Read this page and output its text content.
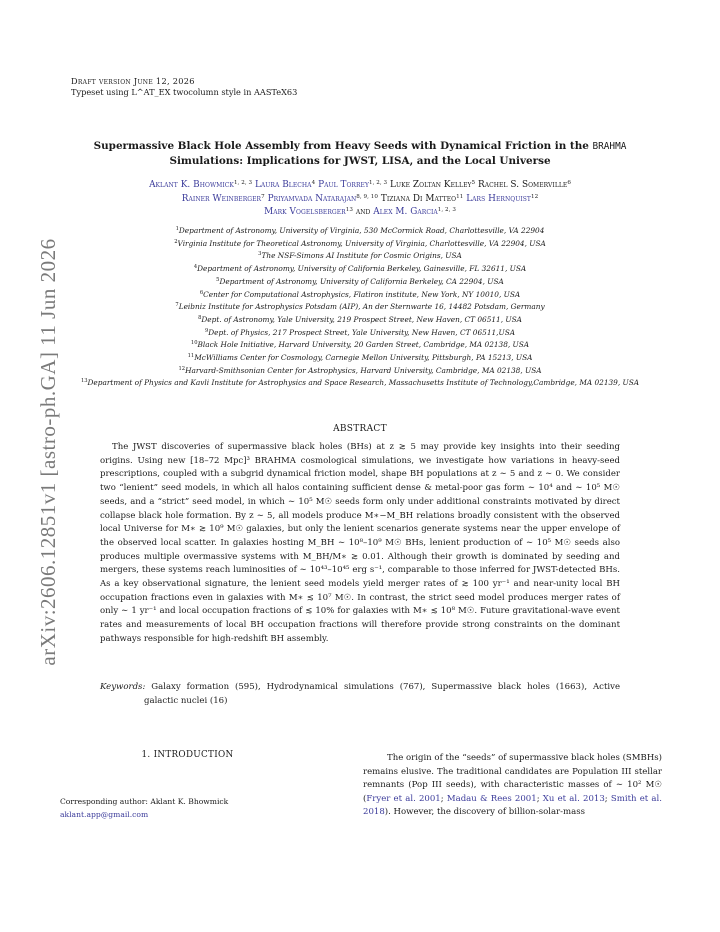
Draft version June 12, 2026
Typeset using L^AT_EX twocolumn style in AASTeX63
arXiv:2606.12851v1 [astro-ph.GA] 11 Jun 2026
Supermassive Black Hole Assembly from Heavy Seeds with Dynamical Friction in the BRAHMA
Simulations: Implications for JWST, LISA, and the Local Universe
Aklant K. Bhowmick$^{1, 2, 3}$ Laura Blecha$^4$ Paul Torrey$^{1, 2, 3}$ Luke Zoltan Kelley$^5$ Rachel S. Somerville$^6$
Rainer Weinberger$^7$ Priyamvada Natarajan$^{8, 9, 10}$ Tiziana Di Matteo$^{11}$ Lars Hernquist$^{12}$
Mark Vogelsberger$^{13}$ and Alex M. Garcia$^{1, 2, 3}$
$^1$Department of Astronomy, University of Virginia, 530 McCormick Road, Charlottesville, VA 22904
$^2$Virginia Institute for Theoretical Astronomy, University of Virginia, Charlottesville, VA 22904, USA
$^3$The NSF-Simons AI Institute for Cosmic Origins, USA
$^4$Department of Astronomy, University of California Berkeley, Gainesville, FL 32611, USA
$^5$Department of Astronomy, University of California Berkeley, CA 22904, USA
$^6$Center for Computational Astrophysics, Flatiron institute, New York, NY 10010, USA
$^7$Leibniz Institute for Astrophysics Potsdam (AIP), An der Sternwarte 16, 14482 Potsdam, Germany
$^8$Dept. of Astronomy, Yale University, 219 Prospect Street, New Haven, CT 06511, USA
$^9$Dept. of Physics, 217 Prospect Street, Yale University, New Haven, CT 06511,USA
$^{10}$Black Hole Initiative, Harvard University, 20 Garden Street, Cambridge, MA 02138, USA
$^{11}$McWilliams Center for Cosmology, Carnegie Mellon University, Pittsburgh, PA 15213, USA
$^{12}$Harvard-Smithsonian Center for Astrophysics, Harvard University, Cambridge, MA 02138, USA
$^{13}$Department of Physics and Kavli Institute for Astrophysics and Space Research, Massachusetts Institute of Technology,Cambridge, MA 02139, USA
ABSTRACT
The JWST discoveries of supermassive black holes (BHs) at z ≳ 5 may provide key insights into their seeding origins. Using new [18–72 Mpc]³ BRAHMA cosmological simulations, we investigate how variations in heavy-seed prescriptions, coupled with a subgrid dynamical friction model, shape BH populations at z ∼ 5 and z ∼ 0. We consider two “lenient” seed models, in which all halos containing sufficient dense & metal-poor gas form ∼ 10⁴ and ∼ 10⁵ M☉ seeds, and a “strict” seed model, in which ∼ 10⁵ M☉ seeds form only under additional constraints motivated by direct collapse black hole formation. By z ∼ 5, all models produce M∗−M_BH relations broadly consistent with the observed local Universe for M∗ ≳ 10⁹ M☉ galaxies, but only the lenient scenarios generate systems near the upper envelope of the observed local scatter. In galaxies hosting M_BH ∼ 10⁸–10⁹ M☉ BHs, lenient production of ∼ 10⁵ M☉ seeds also produces multiple overmassive systems with M_BH/M∗ ≳ 0.01. Although their growth is dominated by seeding and mergers, these systems reach luminosities of ∼ 10⁴³–10⁴⁵ erg s⁻¹, comparable to those inferred for JWST-detected BHs. As a key observational signature, the lenient seed models yield merger rates of ≳ 100 yr⁻¹ and near-unity local BH occupation fractions even in galaxies with M∗ ≲ 10⁷ M☉. In contrast, the strict seed model produces merger rates of only ∼ 1 yr⁻¹ and local occupation fractions of ≲ 10% for galaxies with M∗ ≲ 10⁸ M☉. Future gravitational-wave event rates and measurements of local BH occupation fractions will therefore provide strong constraints on the dominant pathways responsible for high-redshift BH assembly.
Keywords: Galaxy formation (595), Hydrodynamical simulations (767), Supermassive black holes (1663), Active galactic nuclei (16)
1. INTRODUCTION
Corresponding author: Aklant K. Bhowmick
aklant.app@gmail.com
The origin of the “seeds” of supermassive black holes (SMBHs) remains elusive. The traditional candidates are Population III stellar remnants (Pop III seeds), with characteristic masses of ∼ 10² M☉ (Fryer et al. 2001; Madau & Rees 2001; Xu et al. 2013; Smith et al. 2018). However, the discovery of billion-solar-mass
